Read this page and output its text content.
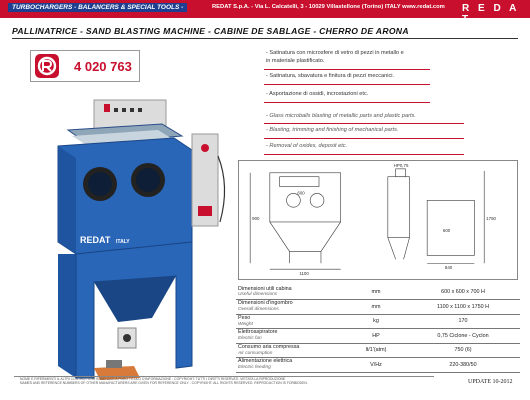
TURBOCHARGERS - BALANCERS & SPECIAL TOOLS -	REDAT S.p.A. - Via L. Calcatelli, 3 - 10029 Villastellone (Torino) ITALY www.redat.com R E D A T
PALLINATRICE - SAND BLASTING MACHINE - CABINE DE SABLAGE - CHERRO DE ARONA
4 020 763
- Satinatura con microsfere di vetro di pezzi in metallo e
in materiale plastificato.
- Satinatura, sbavatura e finitura di pezzi meccanici.
- Asportazione di ossidi, incrostazioni etc.
- Glass microballs blasting of metallic parts and plastic parts.
- Blasting, trimming and finishing of mechanical parts.
- Removal of oxides, deposit etc.
REDAT ITALY
900
1100
1750
840
HP0,75
600
600
Dimensioni utili cabina
Useful dimensions	mm	600 x 600 x 700 H
Dimensioni d'ingombro
Overall dimensions	mm	1100 x 1100 x 1750 H
Peso
Weight	kg	170
Elettroaspiratore
Electric fan	HP	0,75 Ciclone - Cyclon
Consumo aria compressa
Air consumption	lt/1'(atm)	750 (6)
Alimentazione elettrica
Electric feeding	V/Hz	220-380/50
NOME E RIFERIMENTI IL ALTRI COSTRUTTORI SONO DATI A PURO TITOLO D'INFORMAZIONE - COPYRIGHT: TUTTI I DIRITTI RISERVATI. VIETATA LA RIPRODUZIONE.
NAMES AND REFERENCE NUMBERS OF OTHER MANUFACTURERS ARE GIVEN FOR REFERENCE ONLY - COPYRIGHT: ALL RIGHTS RESERVED. REPRODUCTION IS FORBIDDEN.	UPDATE 10-2012
